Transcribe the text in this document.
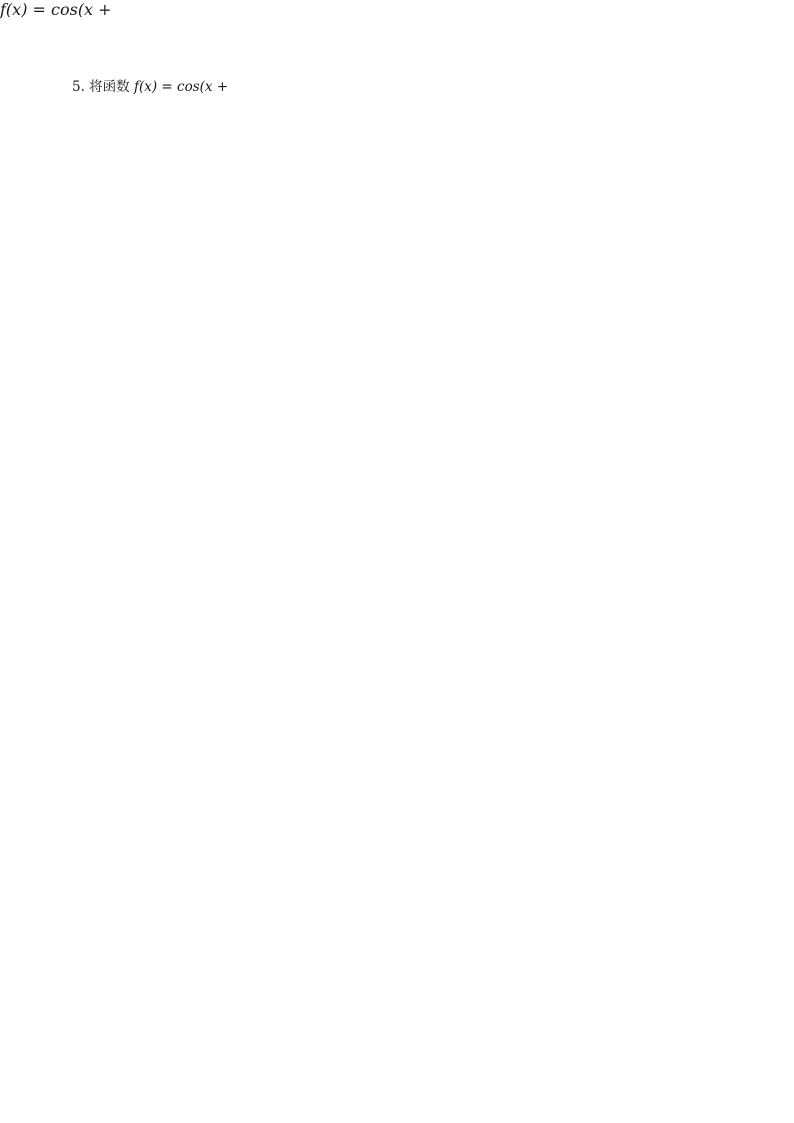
5. 将函数 f(x) = cos(x +
f(x) = cos(x +
